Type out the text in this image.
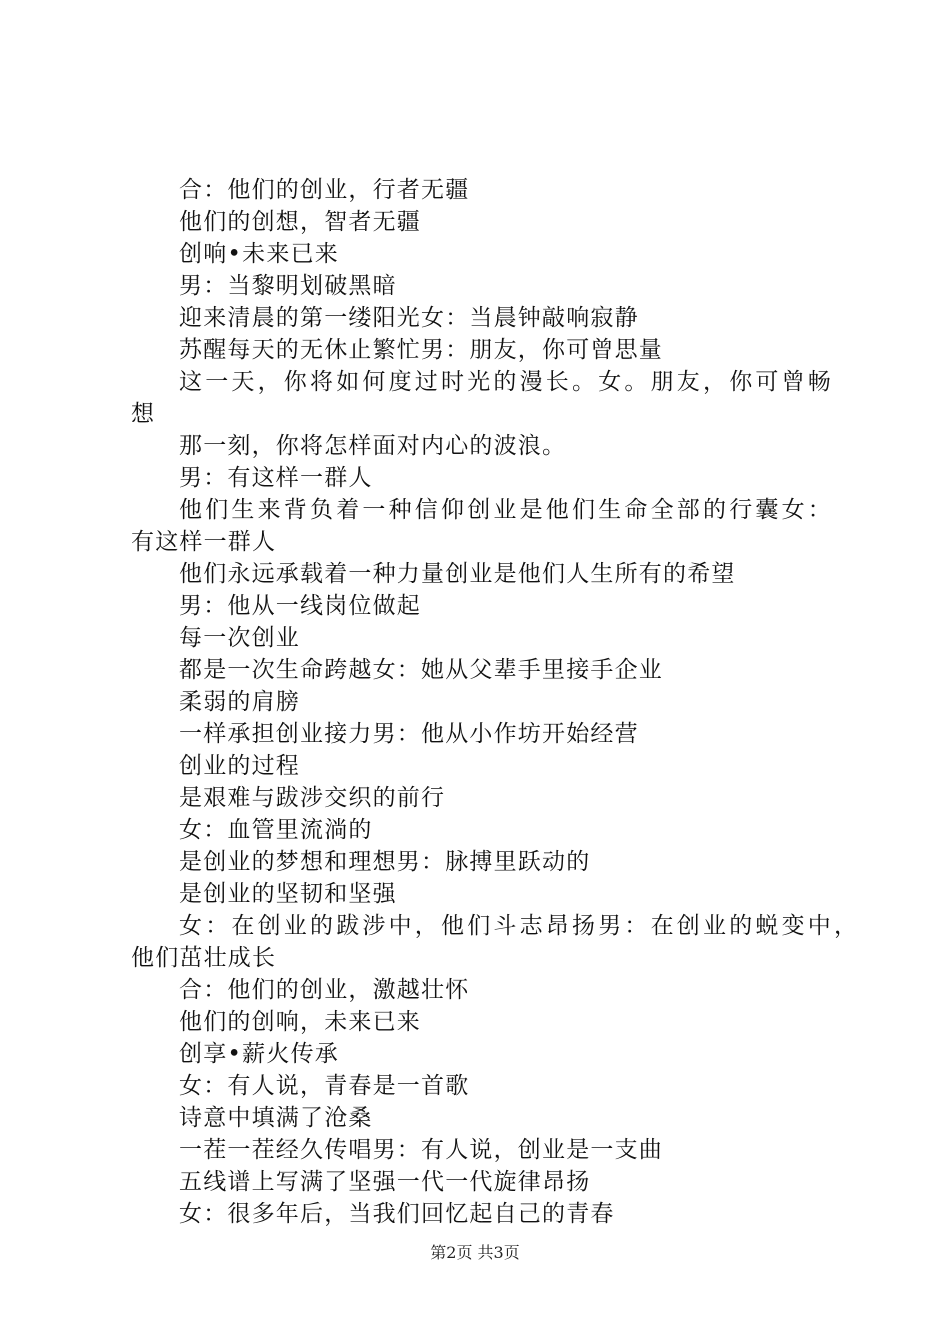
合：他们的创业，行者无疆
他们的创想，智者无疆
创响•未来已来
男：当黎明划破黑暗
迎来清晨的第一缕阳光女：当晨钟敲响寂静
苏醒每天的无休止繁忙男：朋友，你可曾思量
这一天，你将如何度过时光的漫长。女。朋友，你可曾畅
想
那一刻，你将怎样面对内心的波浪。
男：有这样一群人
他们生来背负着一种信仰创业是他们生命全部的行囊女：
有这样一群人
他们永远承载着一种力量创业是他们人生所有的希望
男：他从一线岗位做起
每一次创业
都是一次生命跨越女：她从父辈手里接手企业
柔弱的肩膀
一样承担创业接力男：他从小作坊开始经营
创业的过程
是艰难与跋涉交织的前行
女：血管里流淌的
是创业的梦想和理想男：脉搏里跃动的
是创业的坚韧和坚强
女：在创业的跋涉中，他们斗志昂扬男：在创业的蜕变中，
他们茁壮成长
合：他们的创业，激越壮怀
他们的创响，未来已来
创享•薪火传承
女：有人说，青春是一首歌
诗意中填满了沧桑
一茬一茬经久传唱男：有人说，创业是一支曲
五线谱上写满了坚强一代一代旋律昂扬
女：很多年后，当我们回忆起自己的青春
第2页 共3页
